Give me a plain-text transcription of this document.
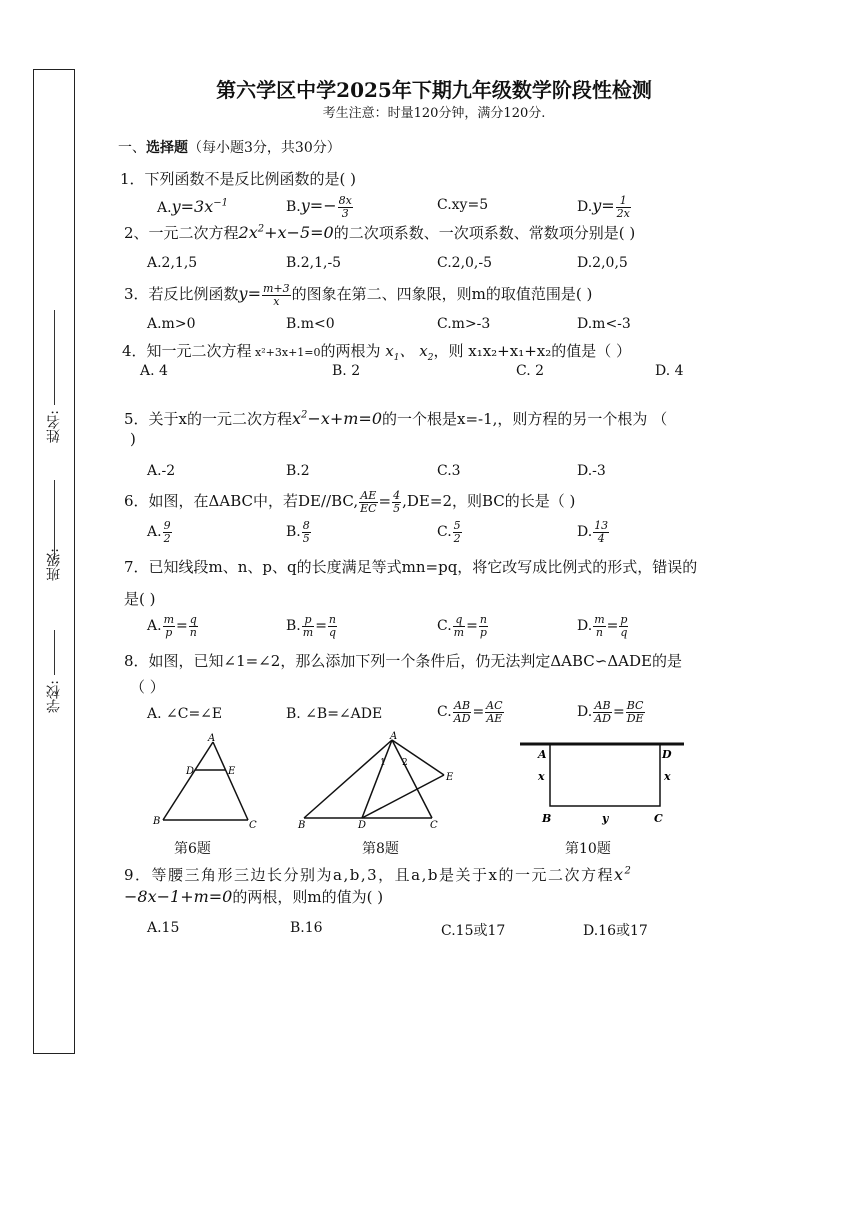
姓名:
班级:
学校:
第六学区中学2025年下期九年级数学阶段性检测
考生注意：时量120分钟，满分120分.
一、选择题（每小题3分，共30分）
1．下列函数不是反比例函数的是( )
$A.y=3x^{-1}$	$B.y=- \frac{8x}{3}$	C.xy=5	$D.y= \frac{1}{2x}$
2、一元二次方程$2x^2+x-5=0$的二次项系数、一次项系数、常数项分别是( )
A.2,1,5	B.2,1,-5	C.2,0,-5	D.2,0,5
3．若反比例函数$y= \frac{m+3}{x}$ 的图象在第二、四象限，则m的取值范围是( )
A.m>0	B.m<0	C.m>-3	D.m<-3
4．知一元二次方程 x²+3x+1=0的两根为 $x_1$、 $x_2$，则 x₁x₂+x₁+x₂的值是（ ）
A. 4	B. 2	C. 2	D. 4
5．关于x的一元二次方程$x^2-x+m=0$的一个根是x=-1,，则方程的另一个根为 （
)
A.-2	B.2	C.3	D.-3
6．如图，在ΔABC中，若DE//BC, $\frac{AE}{EC} = \frac{4}{5} ,DE=2$，则BC的长是（ )
A. $\frac{9}{2}$	B. $\frac{8}{5}$	C. $\frac{5}{2}$	D. $\frac{13}{4}$
7．已知线段m、n、p、q的长度满足等式mn=pq，将它改写成比例式的形式，错误的
是( )
A. $\frac{m}{p} = \frac{q}{n}$	B. $\frac{p}{m} = \frac{n}{q}$	C. $\frac{q}{m} = \frac{n}{p}$	D. $\frac{m}{n} = \frac{p}{q}$
8．如图，已知∠1=∠2，那么添加下列一个条件后，仍无法判定ΔABC∽ΔADE的是
（ ）
A. ∠C=∠E	B. ∠B=∠ADE	C. $\frac{AB}{AD} = \frac{AC}{AE}$	D. $\frac{AB}{AD} = \frac{BC}{DE}$
A
D	E
B	C
第6题
A
1 2
E
B	D	C
第8题
A	D
x	x
B	y	C
第10题
9．等腰三角形三边长分别为a,b,3，且a,b是关于x的一元二次方程$x^2$
−8x−1+m=0的两根，则m的值为( )
A.15	B.16	C.15或17	D.16或17
